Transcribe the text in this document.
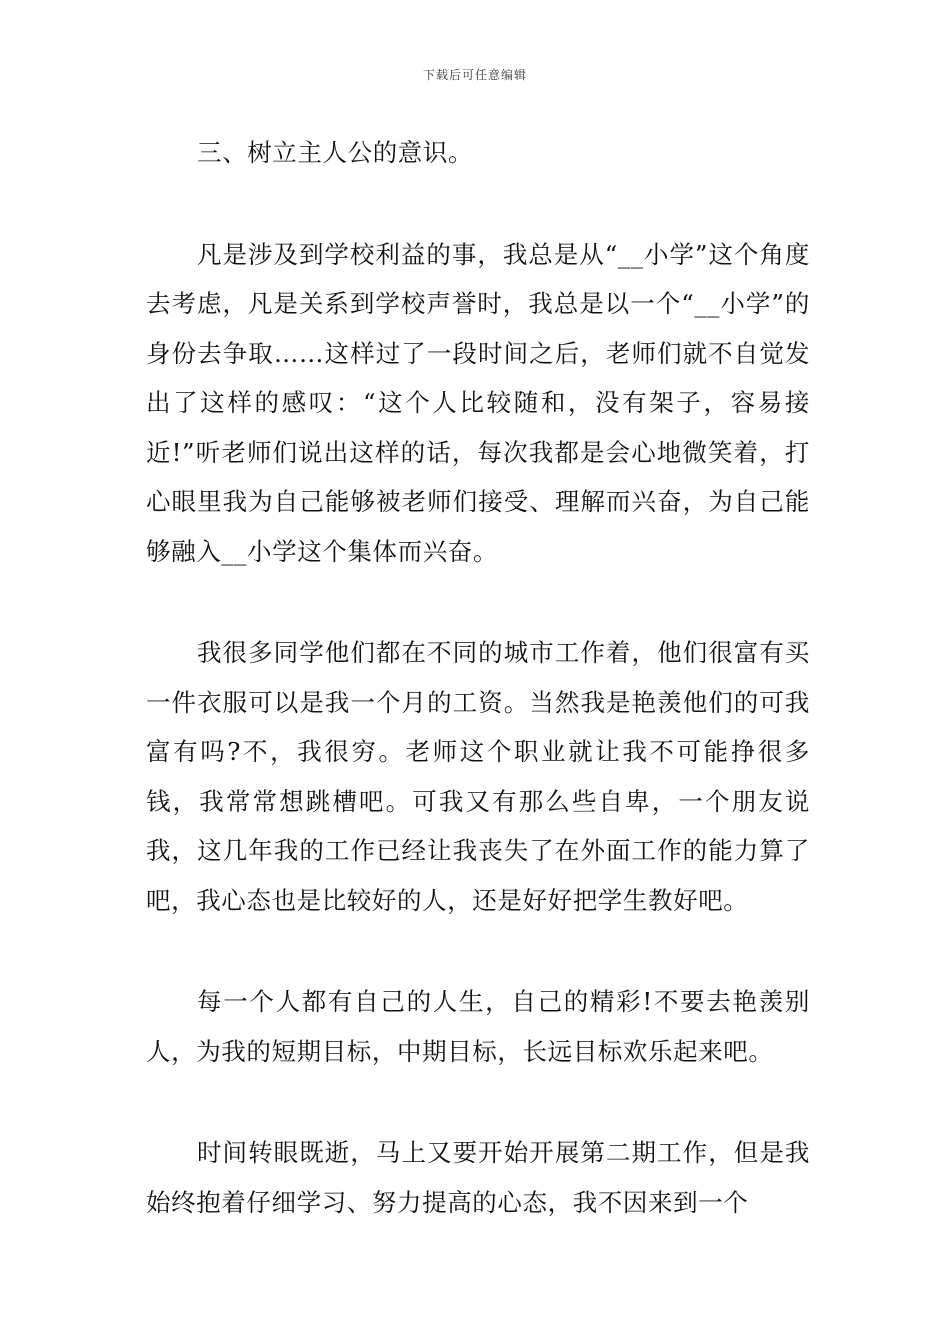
下载后可任意编辑

三、树立主人公的意识。

凡是涉及到学校利益的事，我总是从“__小学”这个角度去考虑，凡是关系到学校声誉时，我总是以一个“__小学”的身份去争取……这样过了一段时间之后，老师们就不自觉发出了这样的感叹：“这个人比较随和，没有架子，容易接近!”听老师们说出这样的话，每次我都是会心地微笑着，打心眼里我为自己能够被老师们接受、理解而兴奋，为自己能够融入__小学这个集体而兴奋。

我很多同学他们都在不同的城市工作着，他们很富有买一件衣服可以是我一个月的工资。当然我是艳羡他们的可我富有吗?不，我很穷。老师这个职业就让我不可能挣很多钱，我常常想跳槽吧。可我又有那么些自卑，一个朋友说我，这几年我的工作已经让我丧失了在外面工作的能力算了吧，我心态也是比较好的人，还是好好把学生教好吧。

每一个人都有自己的人生，自己的精彩!不要去艳羡别人，为我的短期目标，中期目标，长远目标欢乐起来吧。

时间转眼既逝，马上又要开始开展第二期工作，但是我始终抱着仔细学习、努力提高的心态，我不因来到一个
